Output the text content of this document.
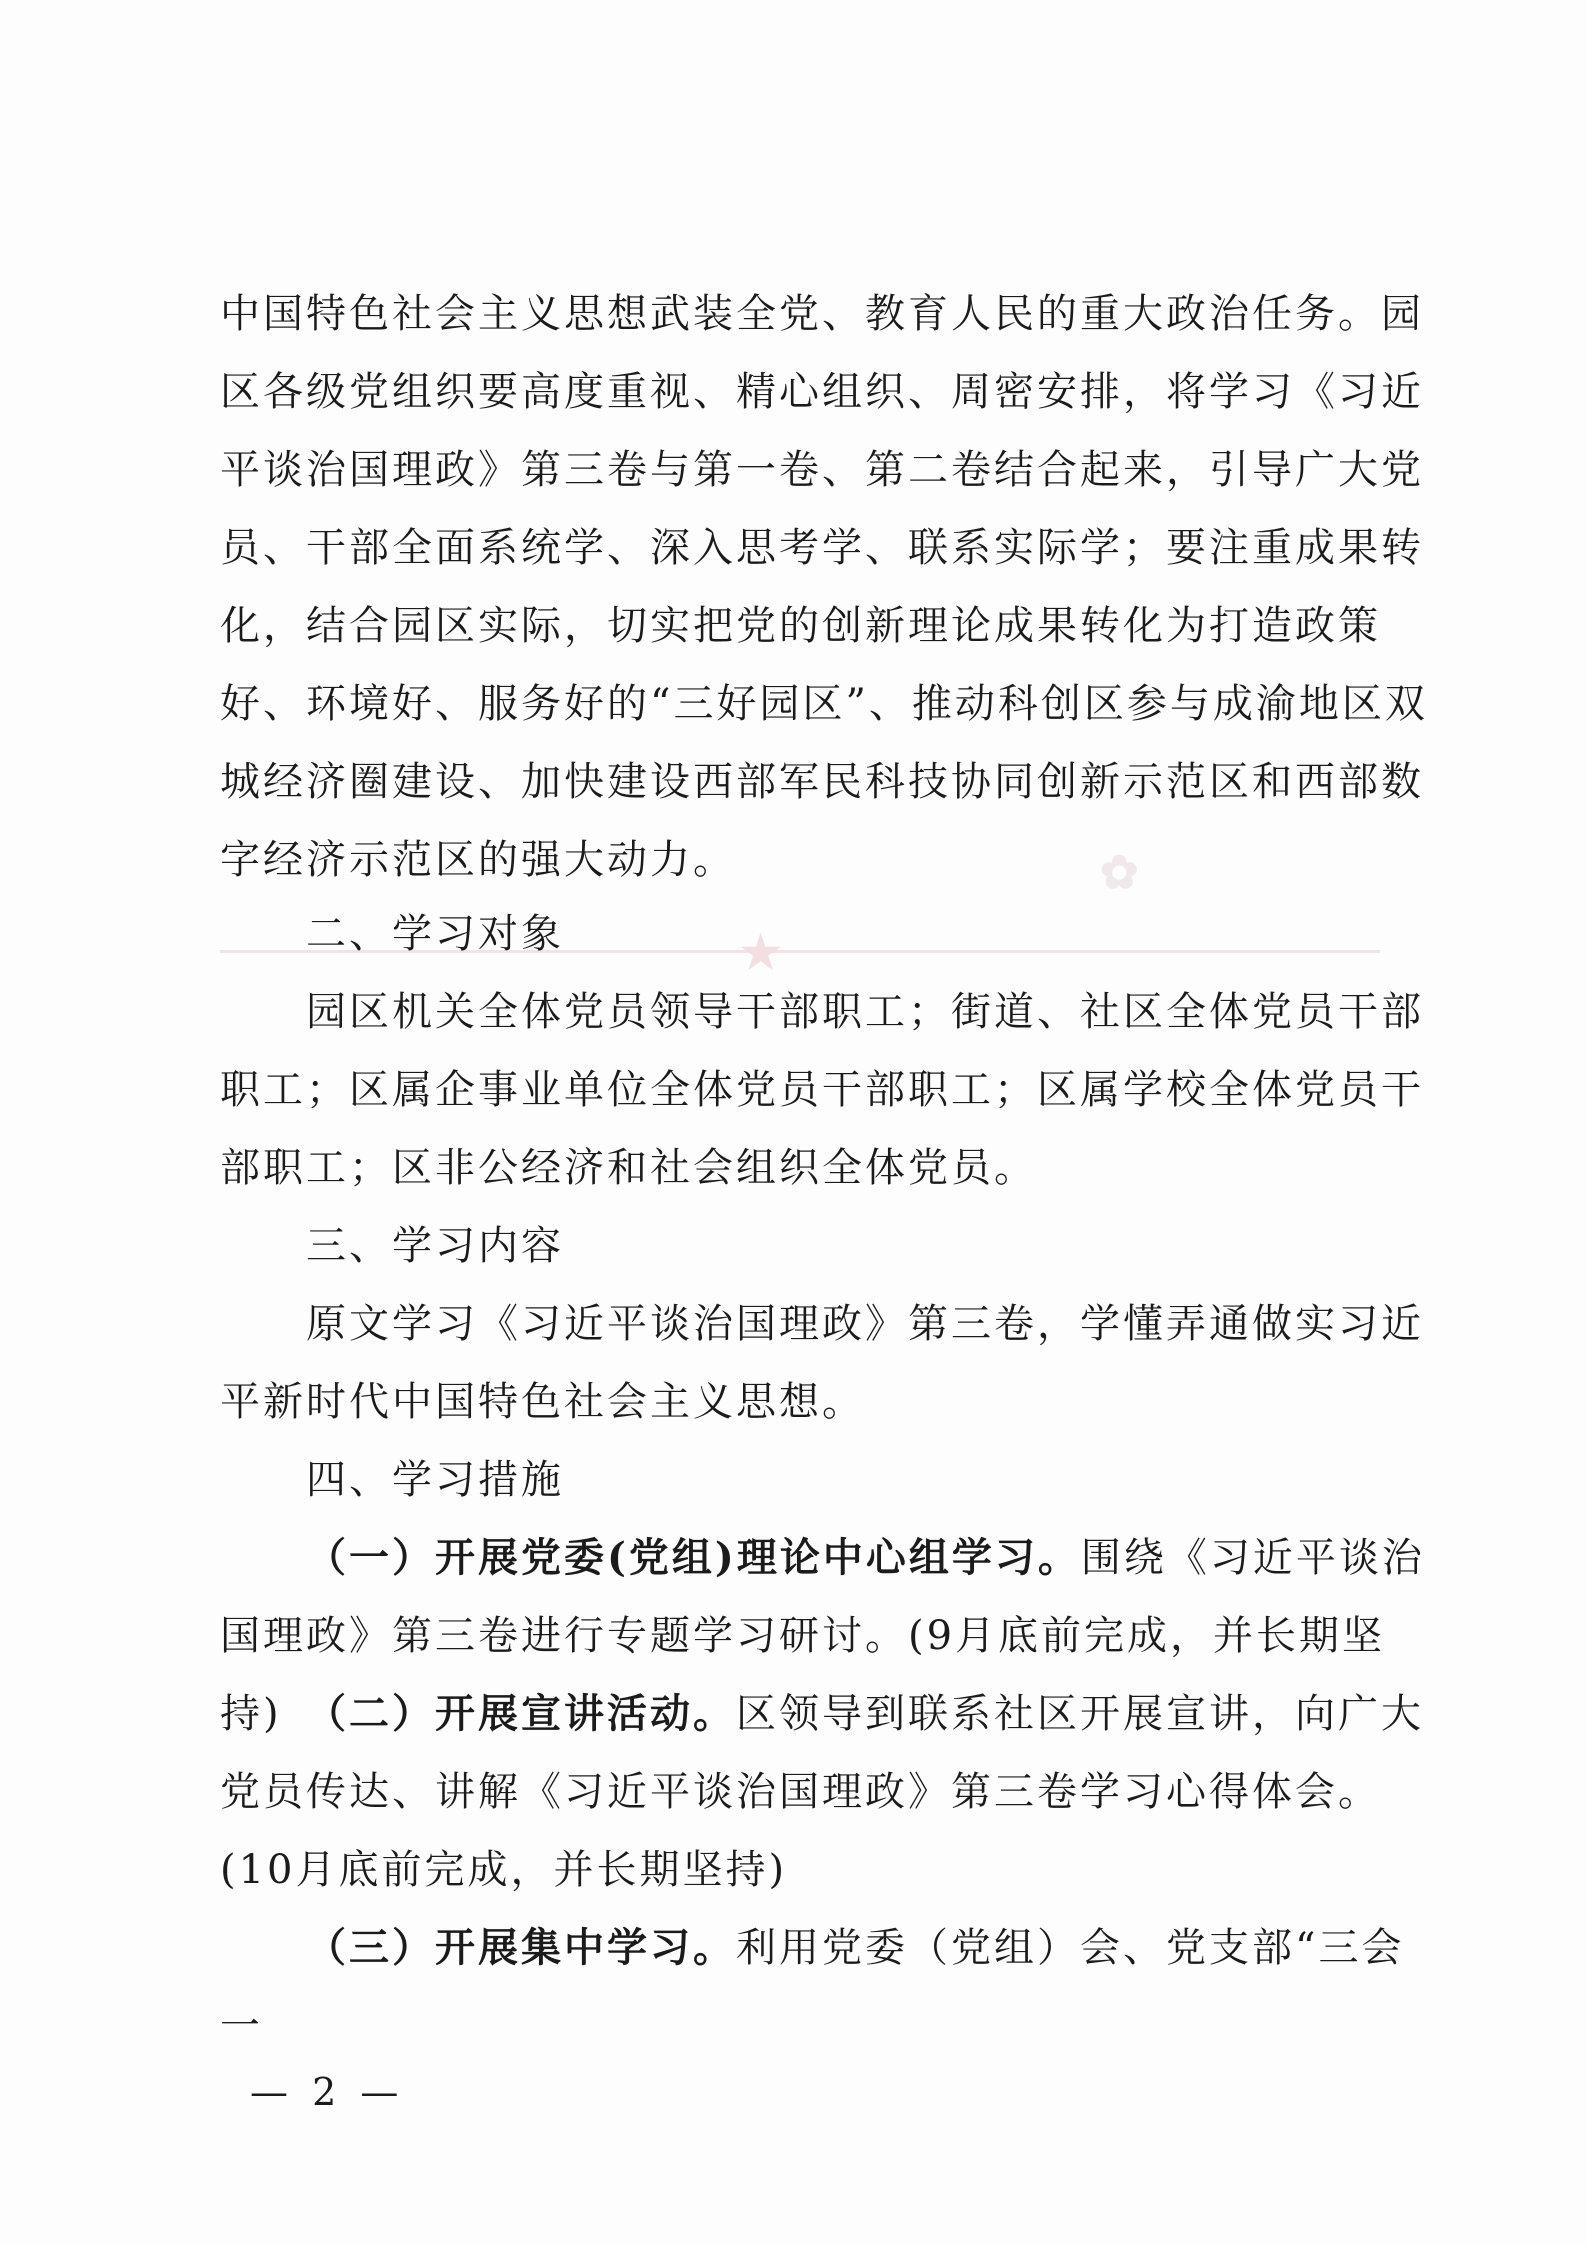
★
✿

中国特色社会主义思想武装全党、教育人民的重大政治任务。园区各级党组织要高度重视、精心组织、周密安排，将学习《习近平谈治国理政》第三卷与第一卷、第二卷结合起来，引导广大党员、干部全面系统学、深入思考学、联系实际学；要注重成果转化，结合园区实际，切实把党的创新理论成果转化为打造政策好、环境好、服务好的“三好园区”、推动科创区参与成渝地区双城经济圈建设、加快建设西部军民科技协同创新示范区和西部数字经济示范区的强大动力。

二、学习对象

园区机关全体党员领导干部职工；街道、社区全体党员干部职工；区属企事业单位全体党员干部职工；区属学校全体党员干部职工；区非公经济和社会组织全体党员。

三、学习内容

原文学习《习近平谈治国理政》第三卷，学懂弄通做实习近平新时代中国特色社会主义思想。

四、学习措施

（一）开展党委(党组)理论中心组学习。围绕《习近平谈治国理政》第三卷进行专题学习研讨。(9月底前完成，并长期坚持) （二）开展宣讲活动。区领导到联系社区开展宣讲，向广大党员传达、讲解《习近平谈治国理政》第三卷学习心得体会。(10月底前完成，并长期坚持)

（三）开展集中学习。利用党委（党组）会、党支部“三会一

— 2 —
